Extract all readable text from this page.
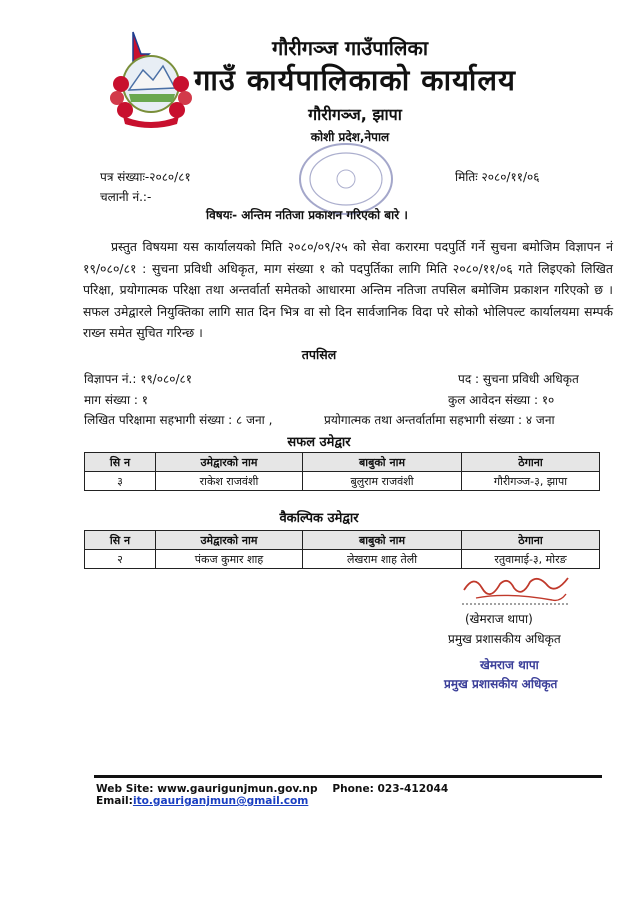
गौरीगञ्ज गाउँपालिका
गाउँ कार्यपालिकाको कार्यालय
गौरीगञ्ज, झापा
कोशी प्रदेश,नेपाल
पत्र संख्याः-२०८०/८१
चलानी नं.:-
मितिः २०८०/११/०६
विषयः- अन्तिम नतिजा प्रकाशन गरिएको बारे ।

प्रस्तुत विषयमा यस कार्यालयको मिति २०८०/०९/२५ को सेवा करारमा पदपुर्ति गर्ने सुचना बमोजिम विज्ञापन नं १९/०८०/८१ : सुचना प्रविधी अधिकृत, माग संख्या १ को पदपुर्तिका लागि मिति २०८०/११/०६ गते लिइएको लिखित परिक्षा, प्रयोगात्मक परिक्षा तथा अन्तर्वार्ता समेतको आधारमा अन्तिम नतिजा तपसिल बमोजिम प्रकाशन गरिएको छ । सफल उमेद्वारले नियुक्तिका लागि सात दिन भित्र वा सो दिन सार्वजानिक विदा परे सोको भोलिपल्ट कार्यालयमा सम्पर्क राख्न समेत सुचित गरिन्छ ।

तपसिल
विज्ञापन नं.: १९/०८०/८१	पद : सुचना प्रविधी अधिकृत
माग संख्या : १	कुल आवेदन संख्या : १०
लिखित परिक्षामा सहभागी संख्या : ८ जना ,	प्रयोगात्मक तथा अन्तर्वार्तामा सहभागी संख्या : ४ जना
सफल उमेद्वार
सि न	उमेद्वारको नाम	बाबुको नाम	ठेगाना
३	राकेश राजवंशी	बुलुराम राजवंशी	गौरीगञ्ज-३, झापा
वैकल्पिक उमेद्वार
सि न	उमेद्वारको नाम	बाबुको नाम	ठेगाना
२	पंकज कुमार शाह	लेखराम शाह तेली	रतुवामाई-३, मोरङ
(खेमराज थापा)
प्रमुख प्रशासकीय अधिकृत
खेमराज थापा
प्रमुख प्रशासकीय अधिकृत
Web Site: www.gaurigunjmun.gov.np Phone: 023-412044    Email:ito.gauriganjmun@gmail.com
